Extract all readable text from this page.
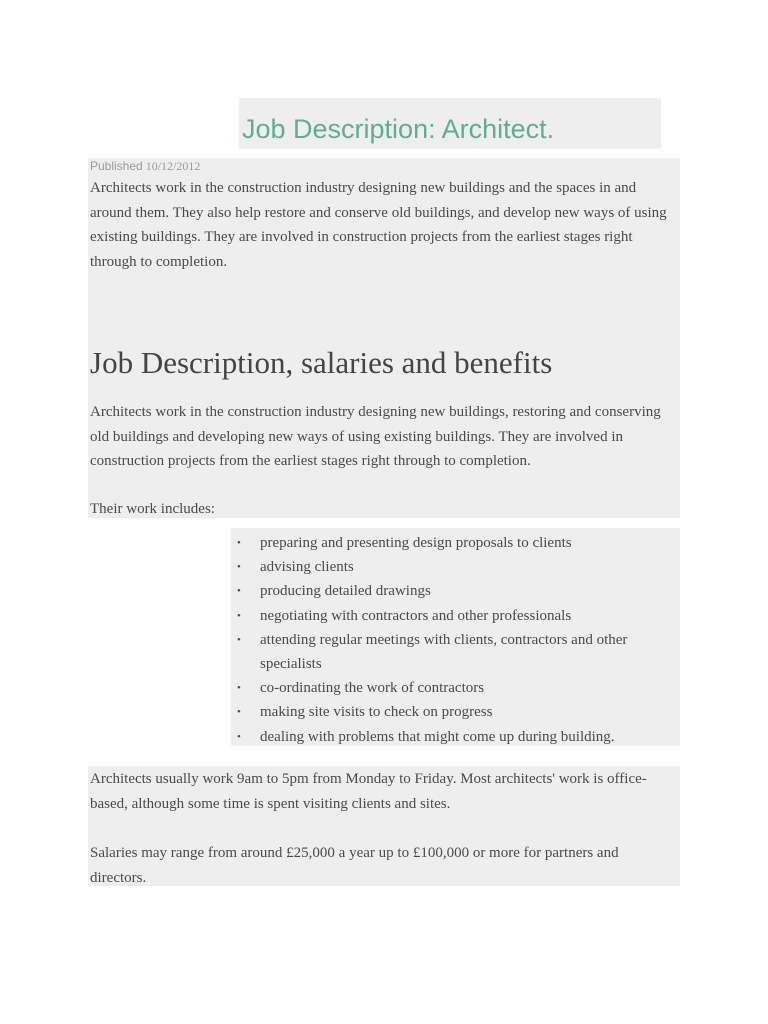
Job Description: Architect.

Published 10/12/2012

Architects work in the construction industry designing new buildings and the spaces in and around them. They also help restore and conserve old buildings, and develop new ways of using existing buildings. They are involved in construction projects from the earliest stages right through to completion.

Job Description, salaries and benefits

Architects work in the construction industry designing new buildings, restoring and conserving old buildings and developing new ways of using existing buildings. They are involved in construction projects from the earliest stages right through to completion.

Their work includes:

• preparing and presenting design proposals to clients
• advising clients
• producing detailed drawings
• negotiating with contractors and other professionals
• attending regular meetings with clients, contractors and other specialists
• co-ordinating the work of contractors
• making site visits to check on progress
• dealing with problems that might come up during building.

Architects usually work 9am to 5pm from Monday to Friday. Most architects' work is office-based, although some time is spent visiting clients and sites.

Salaries may range from around £25,000 a year up to £100,000 or more for partners and directors.
